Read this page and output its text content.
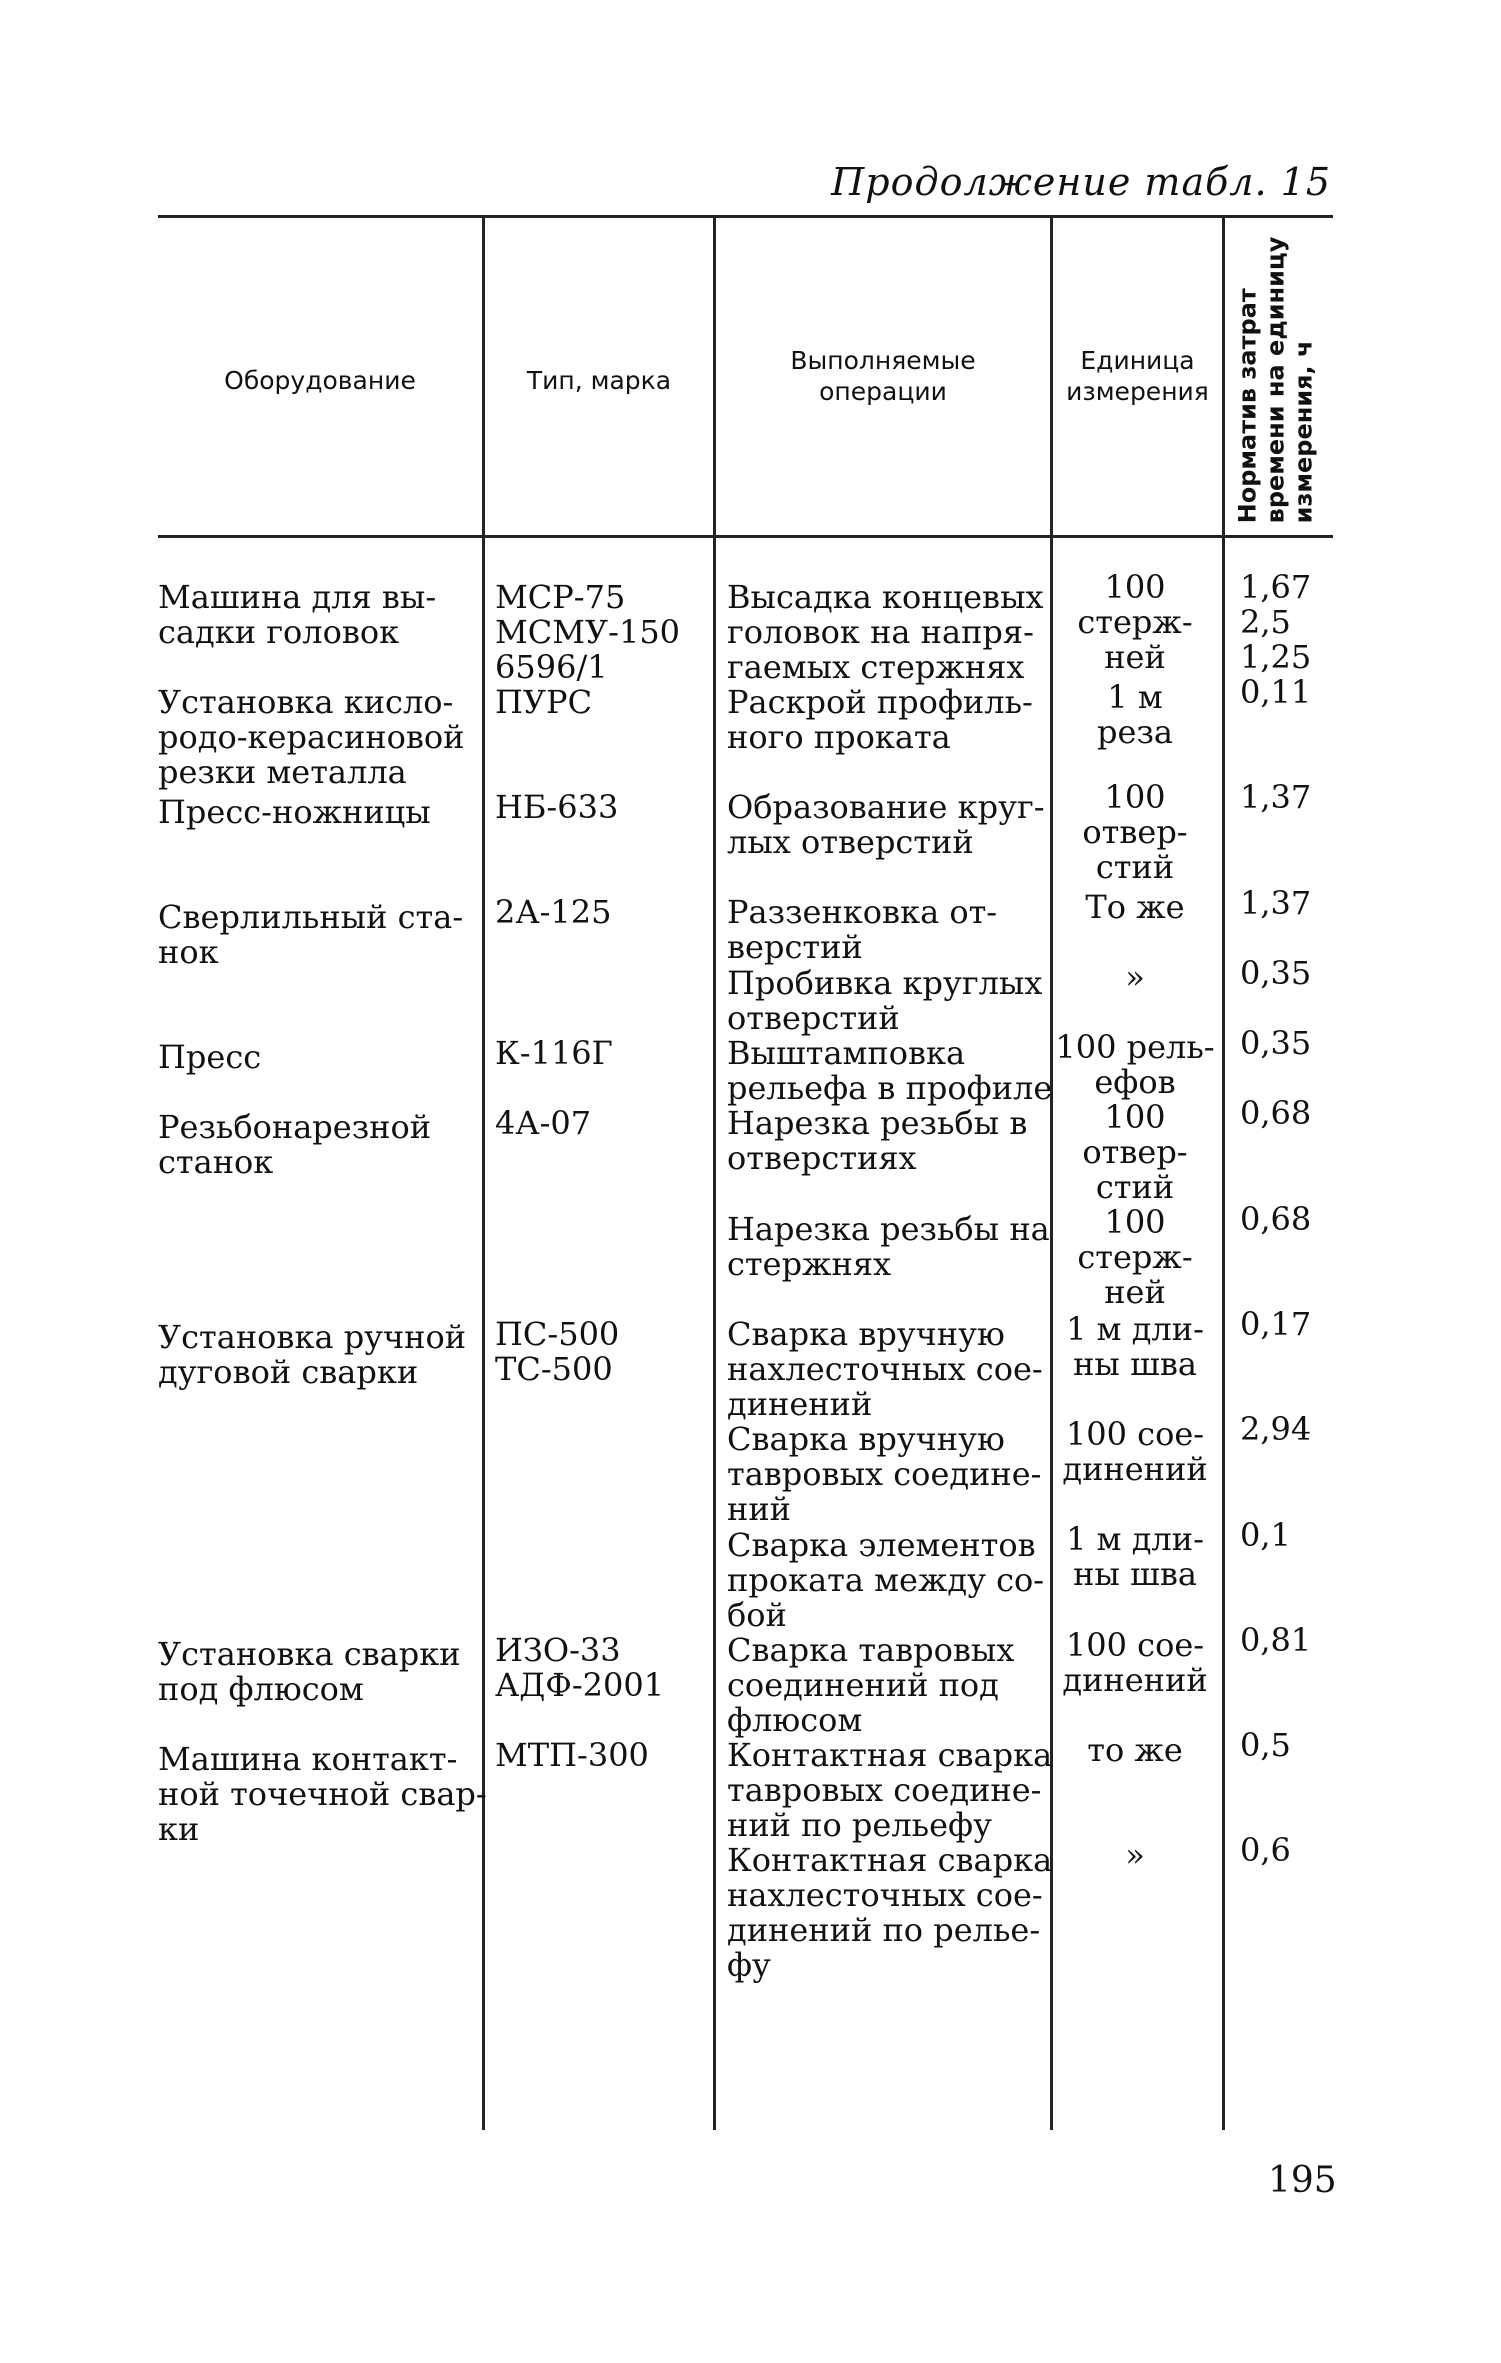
Продолжение табл. 15
Оборудование	Тип, марка
Выполняемые
операции
Единица
измерения	Норматив затрат
времени на единицу
измерения, ч
Машина для вы-
садки головок
Установка кисло-
родо-керасиновой
резки металла
Пресс-ножницы
Сверлильный ста-
нок
Пресс
Резьбонарезной
станок
Установка ручной
дуговой сварки
Установка сварки
под флюсом
Машина контакт-
ной точечной свар-
ки
МСР-75
МСМУ-150
6596/1
ПУРС
НБ-633
2А-125
К-116Г
4А-07
ПС-500
ТС-500
ИЗО-33
АДФ-2001
МТП-300
Высадка концевых
головок на напря-
гаемых стержнях
Раскрой профиль-
ного проката
Образование круг-
лых отверстий
Раззенковка от-
верстий
Пробивка круглых
отверстий
Выштамповка
рельефа в профиле
Нарезка резьбы в
отверстиях
Нарезка резьбы на
стержнях
Сварка вручную
нахлесточных сое-
динений
Сварка вручную
тавровых соедине-
ний
Сварка элементов
проката между со-
бой
Сварка тавровых
соединений под
флюсом
Контактная сварка
тавровых соедине-
ний по рельефу
Контактная сварка
нахлесточных сое-
динений по релье-
фу
100
стерж-
ней
1 м
реза
100
отвер-
стий
То же
»
100 рель-
ефов
100
отвер-
стий
100
стерж-
ней
1 м дли-
ны шва
100 сое-
динений
1 м дли-
ны шва
100 сое-
динений
то же
»
1,67
2,5
1,25
0,11
1,37
1,37
0,35
0,35
0,68
0,68
0,17
2,94
0,1
0,81
0,5
0,6
195
